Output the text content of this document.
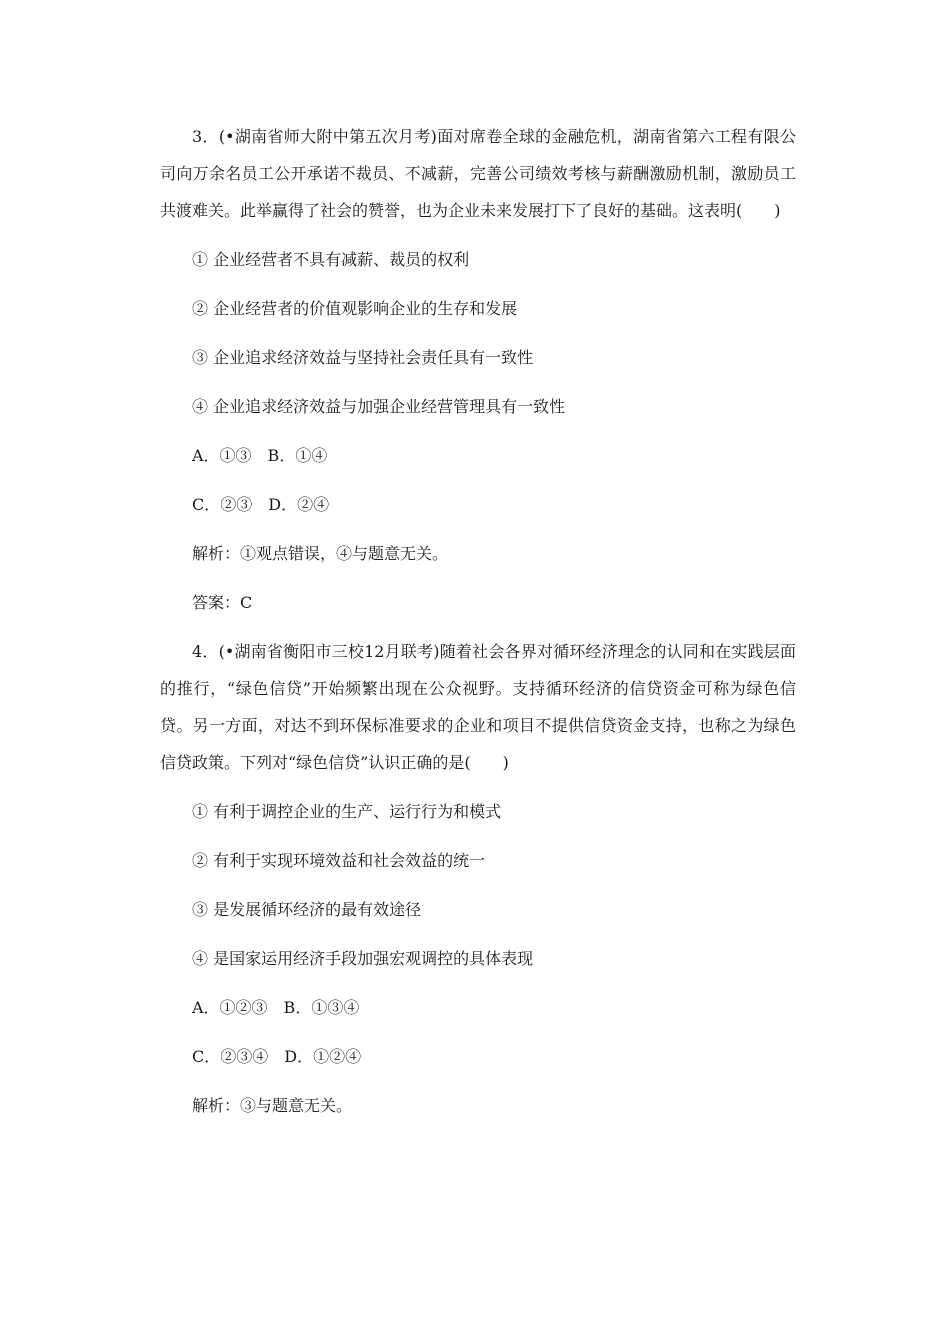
3．(•湖南省师大附中第五次月考)面对席卷全球的金融危机，湖南省第六工程有限公司向万余名员工公开承诺不裁员、不减薪，完善公司绩效考核与薪酬激励机制，激励员工共渡难关。此举赢得了社会的赞誉，也为企业未来发展打下了良好的基础。这表明(　　)

① 企业经营者不具有减薪、裁员的权利

② 企业经营者的价值观影响企业的生存和发展

③ 企业追求经济效益与坚持社会责任具有一致性

④ 企业追求经济效益与加强企业经营管理具有一致性

A．①③　B．①④

C．②③　D．②④

解析：①观点错误，④与题意无关。

答案：C

4．(•湖南省衡阳市三校12月联考)随着社会各界对循环经济理念的认同和在实践层面的推行，“绿色信贷”开始频繁出现在公众视野。支持循环经济的信贷资金可称为绿色信贷。另一方面，对达不到环保标准要求的企业和项目不提供信贷资金支持，也称之为绿色信贷政策。下列对“绿色信贷”认识正确的是(　　)

① 有利于调控企业的生产、运行行为和模式

② 有利于实现环境效益和社会效益的统一

③ 是发展循环经济的最有效途径

④ 是国家运用经济手段加强宏观调控的具体表现

A．①②③　B．①③④

C．②③④　D．①②④

解析：③与题意无关。
